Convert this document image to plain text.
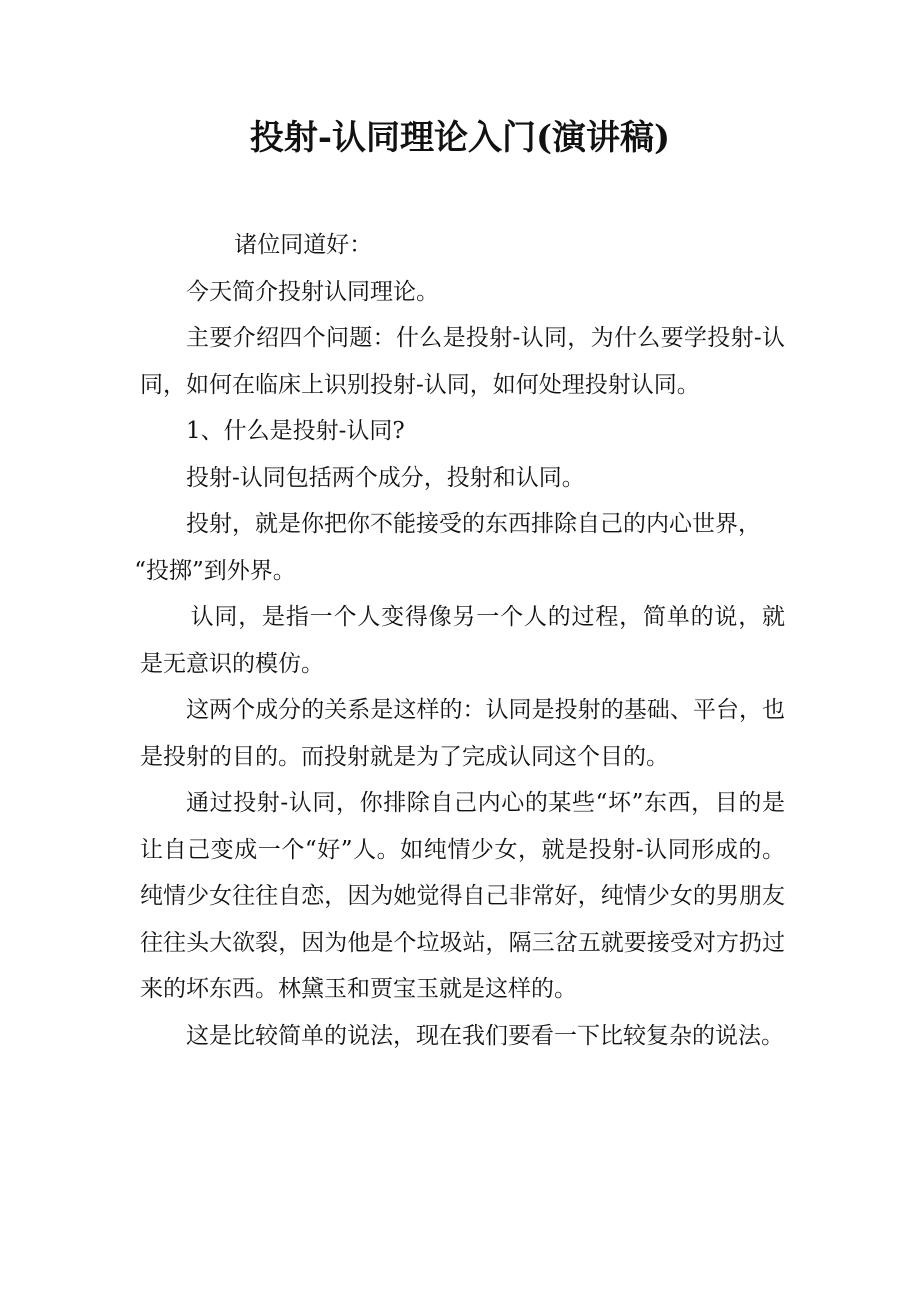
投射-认同理论入门(演讲稿)

诸位同道好：

今天简介投射认同理论。

主要介绍四个问题：什么是投射-认同，为什么要学投射-认同，如何在临床上识别投射-认同，如何处理投射认同。

1、什么是投射-认同?

投射-认同包括两个成分，投射和认同。

投射，就是你把你不能接受的东西排除自己的内心世界，

“投掷”到外界。

认同，是指一个人变得像另一个人的过程，简单的说，就是无意识的模仿。

这两个成分的关系是这样的：认同是投射的基础、平台，也是投射的目的。而投射就是为了完成认同这个目的。

通过投射-认同，你排除自己内心的某些“坏”东西，目的是让自己变成一个“好”人。如纯情少女，就是投射-认同形成的。纯情少女往往自恋，因为她觉得自己非常好，纯情少女的男朋友往往头大欲裂，因为他是个垃圾站，隔三岔五就要接受对方扔过来的坏东西。林黛玉和贾宝玉就是这样的。

这是比较简单的说法，现在我们要看一下比较复杂的说法。
